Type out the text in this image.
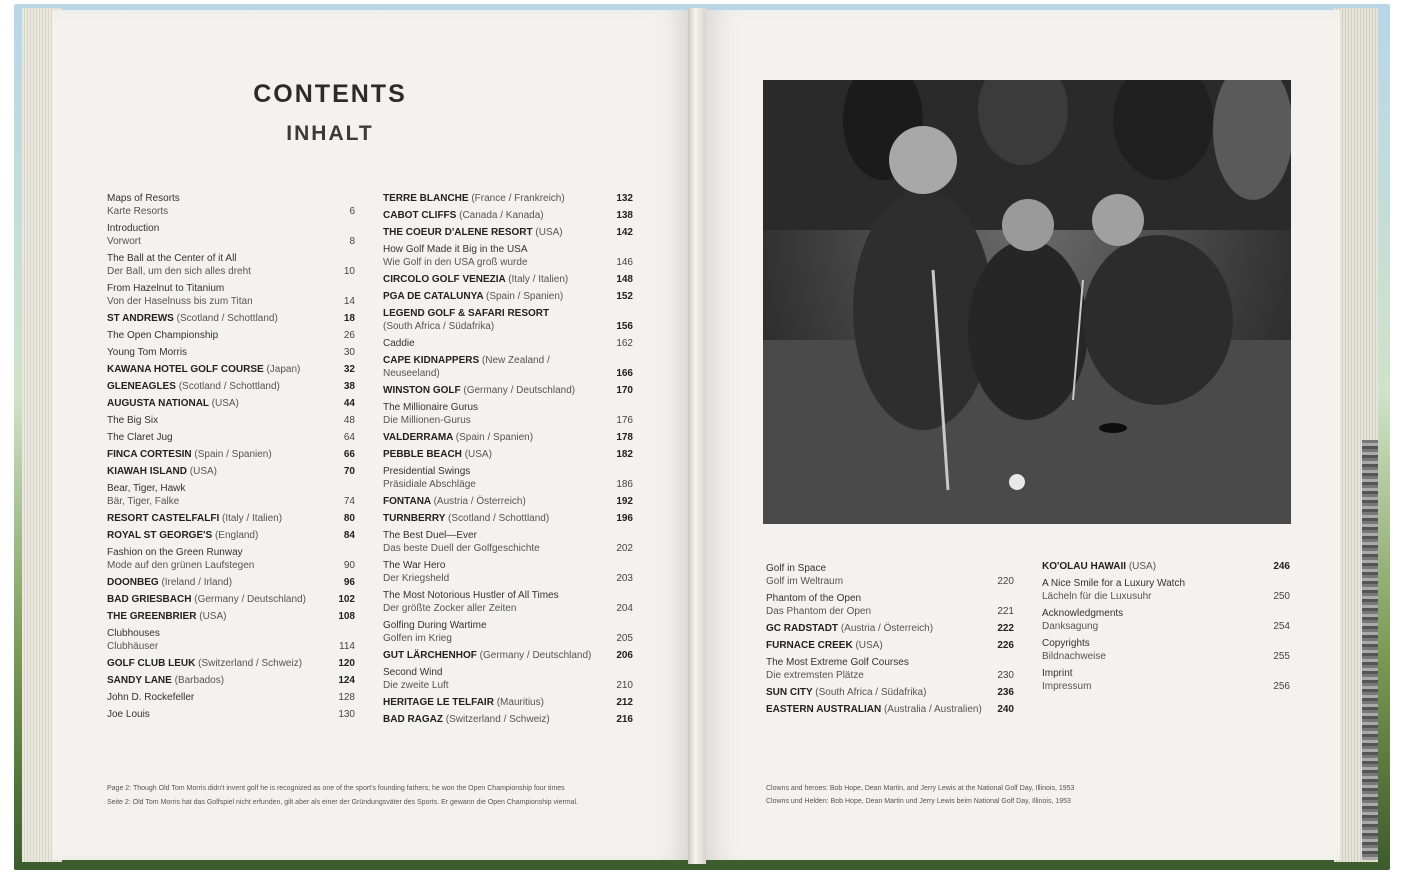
CONTENTS
INHALT
Maps of Resorts
Karte Resorts	6
Introduction
Vorwort	8
The Ball at the Center of it All
Der Ball, um den sich alles dreht	10
From Hazelnut to Titanium
Von der Haselnuss bis zum Titan	14
ST ANDREWS (Scotland / Schottland)	18
The Open Championship	26
Young Tom Morris	30
KAWANA HOTEL GOLF COURSE (Japan)	32
GLENEAGLES (Scotland / Schottland)	38
AUGUSTA NATIONAL (USA)	44
The Big Six	48
The Claret Jug	64
FINCA CORTESIN (Spain / Spanien)	66
KIAWAH ISLAND (USA)	70
Bear, Tiger, Hawk
Bär, Tiger, Falke	74
RESORT CASTELFALFI (Italy / Italien)	80
ROYAL ST GEORGE'S (England)	84
Fashion on the Green Runway
Mode auf den grünen Laufstegen	90
DOONBEG (Ireland / Irland)	96
BAD GRIESBACH (Germany / Deutschland)	102
THE GREENBRIER (USA)	108
Clubhouses
Clubhäuser	114
GOLF CLUB LEUK (Switzerland / Schweiz)	120
SANDY LANE (Barbados)	124
John D. Rockefeller	128
Joe Louis	130
TERRE BLANCHE (France / Frankreich)	132
CABOT CLIFFS (Canada / Kanada)	138
THE COEUR D'ALENE RESORT (USA)	142
How Golf Made it Big in the USA
Wie Golf in den USA groß wurde	146
CIRCOLO GOLF VENEZIA (Italy / Italien)	148
PGA DE CATALUNYA (Spain / Spanien)	152
LEGEND GOLF & SAFARI RESORT
(South Africa / Südafrika)	156
Caddie	162
CAPE KIDNAPPERS (New Zealand / Neuseeland)	166
WINSTON GOLF (Germany / Deutschland)	170
The Millionaire Gurus
Die Millionen-Gurus	176
VALDERRAMA (Spain / Spanien)	178
PEBBLE BEACH (USA)	182
Presidential Swings
Präsidiale Abschläge	186
FONTANA (Austria / Österreich)	192
TURNBERRY (Scotland / Schottland)	196
The Best Duel—Ever
Das beste Duell der Golfgeschichte	202
The War Hero
Der Kriegsheld	203
The Most Notorious Hustler of All Times
Der größte Zocker aller Zeiten	204
Golfing During Wartime
Golfen im Krieg	205
GUT LÄRCHENHOF (Germany / Deutschland)	206
Second Wind
Die zweite Luft	210
HERITAGE LE TELFAIR (Mauritius)	212
BAD RAGAZ (Switzerland / Schweiz)	216
Golf in Space
Golf im Weltraum	220
Phantom of the Open
Das Phantom der Open	221
GC RADSTADT (Austria / Österreich)	222
FURNACE CREEK (USA)	226
The Most Extreme Golf Courses
Die extremsten Plätze	230
SUN CITY (South Africa / Südafrika)	236
EASTERN AUSTRALIAN (Australia / Australien) 240
KO'OLAU HAWAII (USA)	246
A Nice Smile for a Luxury Watch
Lächeln für die Luxusuhr	250
Acknowledgments
Danksagung	254
Copyrights
Bildnachweise	255
Imprint
Impressum	256
Page 2: Though Old Tom Morris didn't invent golf he is recognized as one of the sport's founding fathers; he won the Open Championship four times
Seite 2: Old Tom Morris hat das Golfspiel nicht erfunden, gilt aber als einer der Gründungsväter des Sports. Er gewann die Open Championship viermal.
Clowns and heroes: Bob Hope, Dean Martin, and Jerry Lewis at the National Golf Day, Illinois, 1953
Clowns und Helden: Bob Hope, Dean Martin und Jerry Lewis beim National Golf Day, Illinois, 1953
